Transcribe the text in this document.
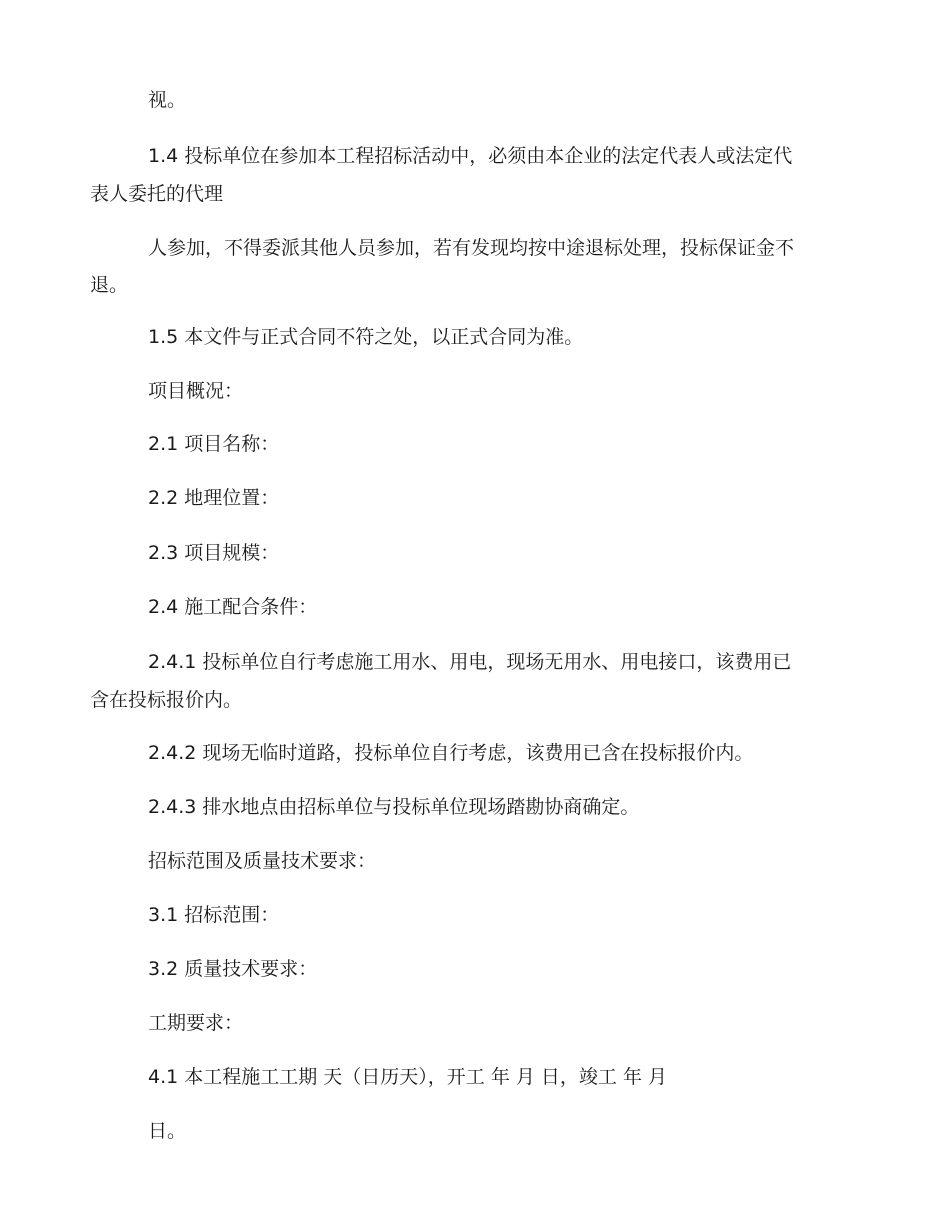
视。
1.4 投标单位在参加本工程招标活动中，必须由本企业的法定代表人或法定代
表人委托的代理
人参加，不得委派其他人员参加，若有发现均按中途退标处理，投标保证金不
退。
1.5 本文件与正式合同不符之处，以正式合同为准。
项目概况：
2.1 项目名称：
2.2 地理位置：
2.3 项目规模：
2.4 施工配合条件：
2.4.1 投标单位自行考虑施工用水、用电，现场无用水、用电接口，该费用已
含在投标报价内。
2.4.2 现场无临时道路，投标单位自行考虑，该费用已含在投标报价内。
2.4.3 排水地点由招标单位与投标单位现场踏勘协商确定。
招标范围及质量技术要求：
3.1 招标范围：
3.2 质量技术要求：
工期要求：
4.1 本工程施工工期 天（日历天），开工 年 月 日，竣工 年 月
日。
